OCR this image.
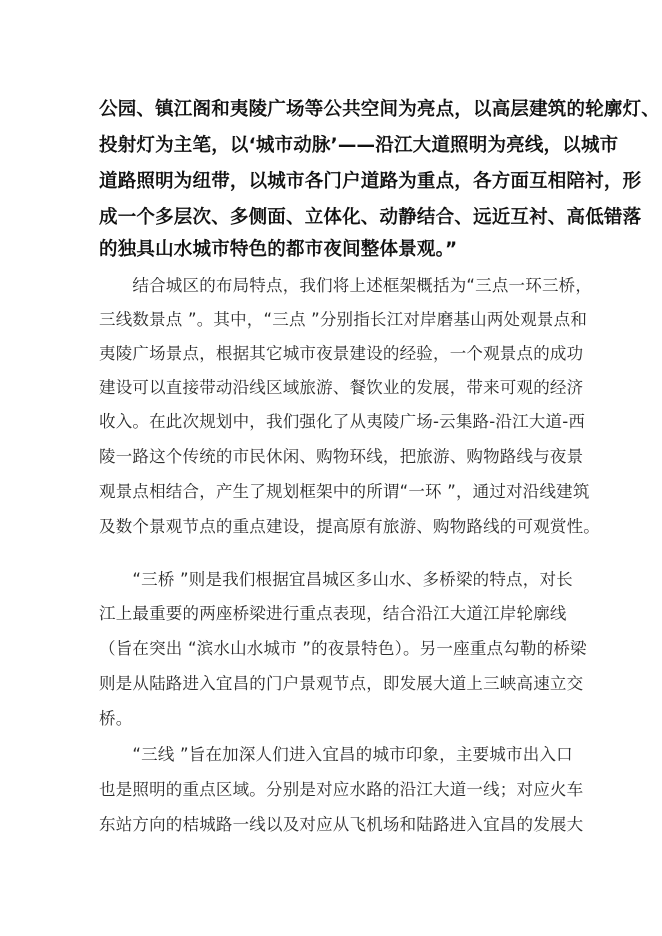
公园、镇江阁和夷陵广场等公共空间为亮点，以高层建筑的轮廓灯、
投射灯为主笔，以‘城市动脉’——沿江大道照明为亮线，以城市
道路照明为纽带，以城市各门户道路为重点，各方面互相陪衬，形
成一个多层次、多侧面、立体化、动静结合、远近互衬、高低错落
的独具山水城市特色的都市夜间整体景观。”
　　结合城区的布局特点，我们将上述框架概括为“三点一环三桥，
三线数景点 ”。其中，“三点 ”分别指长江对岸磨基山两处观景点和
夷陵广场景点，根据其它城市夜景建设的经验，一个观景点的成功
建设可以直接带动沿线区域旅游、餐饮业的发展，带来可观的经济
收入。在此次规划中，我们强化了从夷陵广场-云集路-沿江大道-西
陵一路这个传统的市民休闲、购物环线，把旅游、购物路线与夜景
观景点相结合，产生了规划框架中的所谓“一环 ”，通过对沿线建筑
及数个景观节点的重点建设，提高原有旅游、购物路线的可观赏性。
　　“三桥 ”则是我们根据宜昌城区多山水、多桥梁的特点，对长
江上最重要的两座桥梁进行重点表现，结合沿江大道江岸轮廓线
（旨在突出 “滨水山水城市 ”的夜景特色）。另一座重点勾勒的桥梁
则是从陆路进入宜昌的门户景观节点，即发展大道上三峡高速立交
桥。
　　“三线 ”旨在加深人们进入宜昌的城市印象，主要城市出入口
也是照明的重点区域。分别是对应水路的沿江大道一线；对应火车
东站方向的桔城路一线以及对应从飞机场和陆路进入宜昌的发展大
